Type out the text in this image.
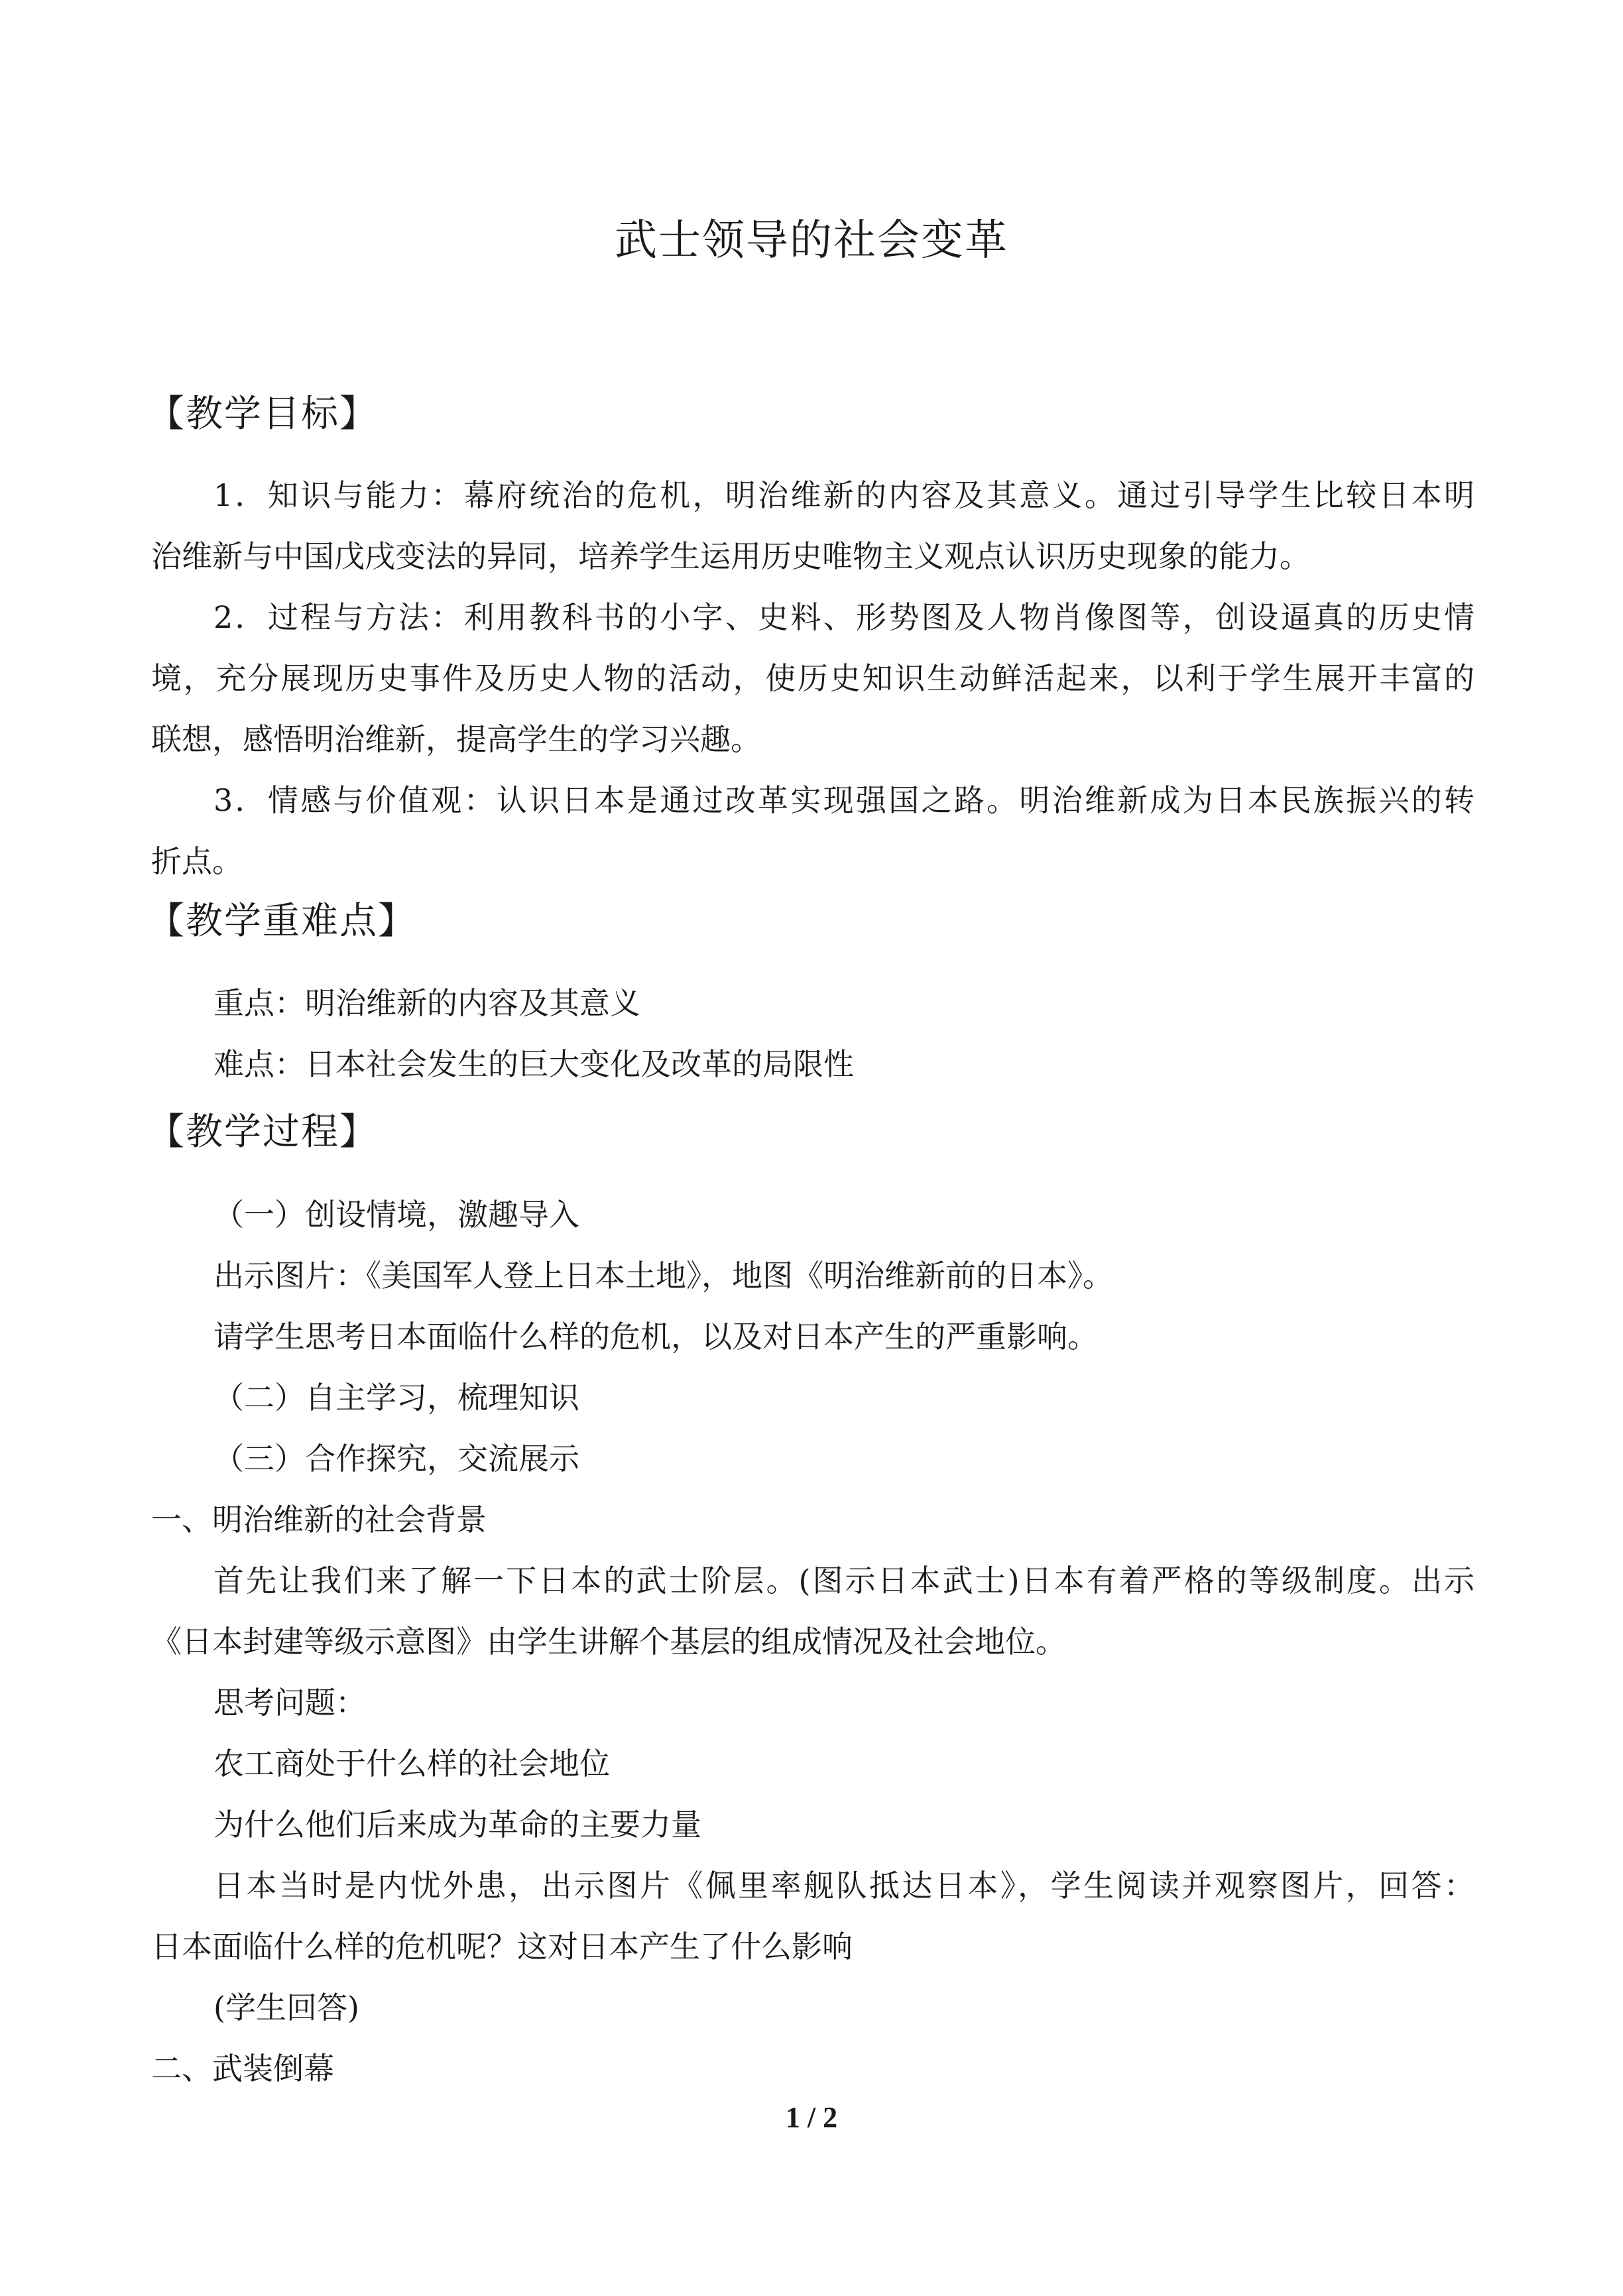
武士领导的社会变革
【教学目标】
1．知识与能力：幕府统治的危机，明治维新的内容及其意义。通过引导学生比较日本明
治维新与中国戊戌变法的异同，培养学生运用历史唯物主义观点认识历史现象的能力。
2．过程与方法：利用教科书的小字、史料、形势图及人物肖像图等，创设逼真的历史情
境，充分展现历史事件及历史人物的活动，使历史知识生动鲜活起来，以利于学生展开丰富的
联想，感悟明治维新，提高学生的学习兴趣。
3．情感与价值观：认识日本是通过改革实现强国之路。明治维新成为日本民族振兴的转
折点。
【教学重难点】
重点：明治维新的内容及其意义
难点：日本社会发生的巨大变化及改革的局限性
【教学过程】
（一）创设情境，激趣导入
出示图片：《美国军人登上日本土地》，地图《明治维新前的日本》。
请学生思考日本面临什么样的危机，以及对日本产生的严重影响。
（二）自主学习，梳理知识
（三）合作探究，交流展示
一、明治维新的社会背景
首先让我们来了解一下日本的武士阶层。(图示日本武士)日本有着严格的等级制度。出示
《日本封建等级示意图》由学生讲解个基层的组成情况及社会地位。
思考问题：
农工商处于什么样的社会地位
为什么他们后来成为革命的主要力量
日本当时是内忧外患，出示图片《佩里率舰队抵达日本》，学生阅读并观察图片，回答：
日本面临什么样的危机呢？这对日本产生了什么影响
(学生回答)
二、武装倒幕
1 / 2
